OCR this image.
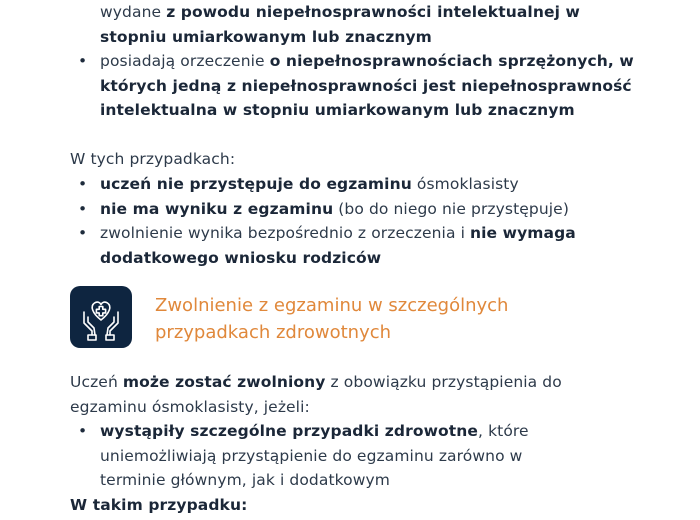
wydane z powodu niepełnosprawności intelektualnej w stopniu umiarkowanym lub znacznym
• posiadają orzeczenie o niepełnosprawnościach sprzężonych, w których jedną z niepełnosprawności jest niepełnosprawność intelektualna w stopniu umiarkowanym lub znacznym
W tych przypadkach:
• uczeń nie przystępuje do egzaminu ósmoklasisty
• nie ma wyniku z egzaminu (bo do niego nie przystępuje)
• zwolnienie wynika bezpośrednio z orzeczenia i nie wymaga dodatkowego wniosku rodziców
Zwolnienie z egzaminu w szczególnych przypadkach zdrowotnych
Uczeń może zostać zwolniony z obowiązku przystąpienia do egzaminu ósmoklasisty, jeżeli:
• wystąpiły szczególne przypadki zdrowotne, które uniemożliwiają przystąpienie do egzaminu zarówno w terminie głównym, jak i dodatkowym
W takim przypadku:
